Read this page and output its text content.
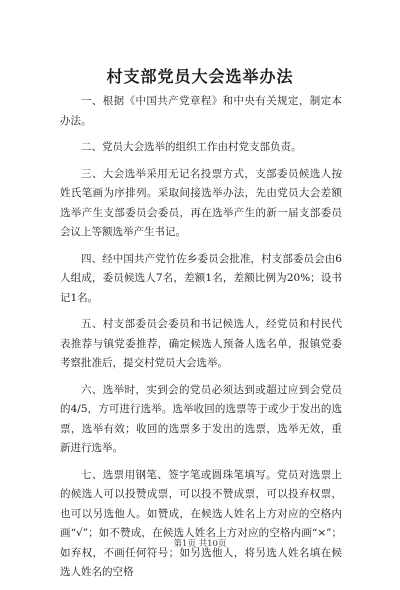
村支部党员大会选举办法

一、根据《中国共产党章程》和中央有关规定，制定本办法。

二、党员大会选举的组织工作由村党支部负责。

三、大会选举采用无记名投票方式，支部委员候选人按姓氏笔画为序排列。采取间接选举办法，先由党员大会差额选举产生支部委员会委员，再在选举产生的新一届支部委员会议上等额选举产生书记。

四、经中国共产党竹佐乡委员会批准，村支部委员会由6人组成，委员候选人7名，差额1名，差额比例为20%；设书记1名。

五、村支部委员会委员和书记候选人，经党员和村民代表推荐与镇党委推荐，确定候选人预备人选名单，报镇党委考察批准后，提交村党员大会选举。

六、选举时，实到会的党员必须达到或超过应到会党员的4/5，方可进行选举。选举收回的选票等于或少于发出的选票，选举有效；收回的选票多于发出的选票，选举无效，重新进行选举。

七、选票用钢笔、签字笔或圆珠笔填写。党员对选票上的候选人可以投赞成票，可以投不赞成票，可以投弃权票，也可以另选他人。如赞成，在候选人姓名上方对应的空格内画“√”；如不赞成，在候选人姓名上方对应的空格内画“×”；如弃权，不画任何符号；如另选他人，将另选人姓名填在候选人姓名的空格

第1页 共10页
